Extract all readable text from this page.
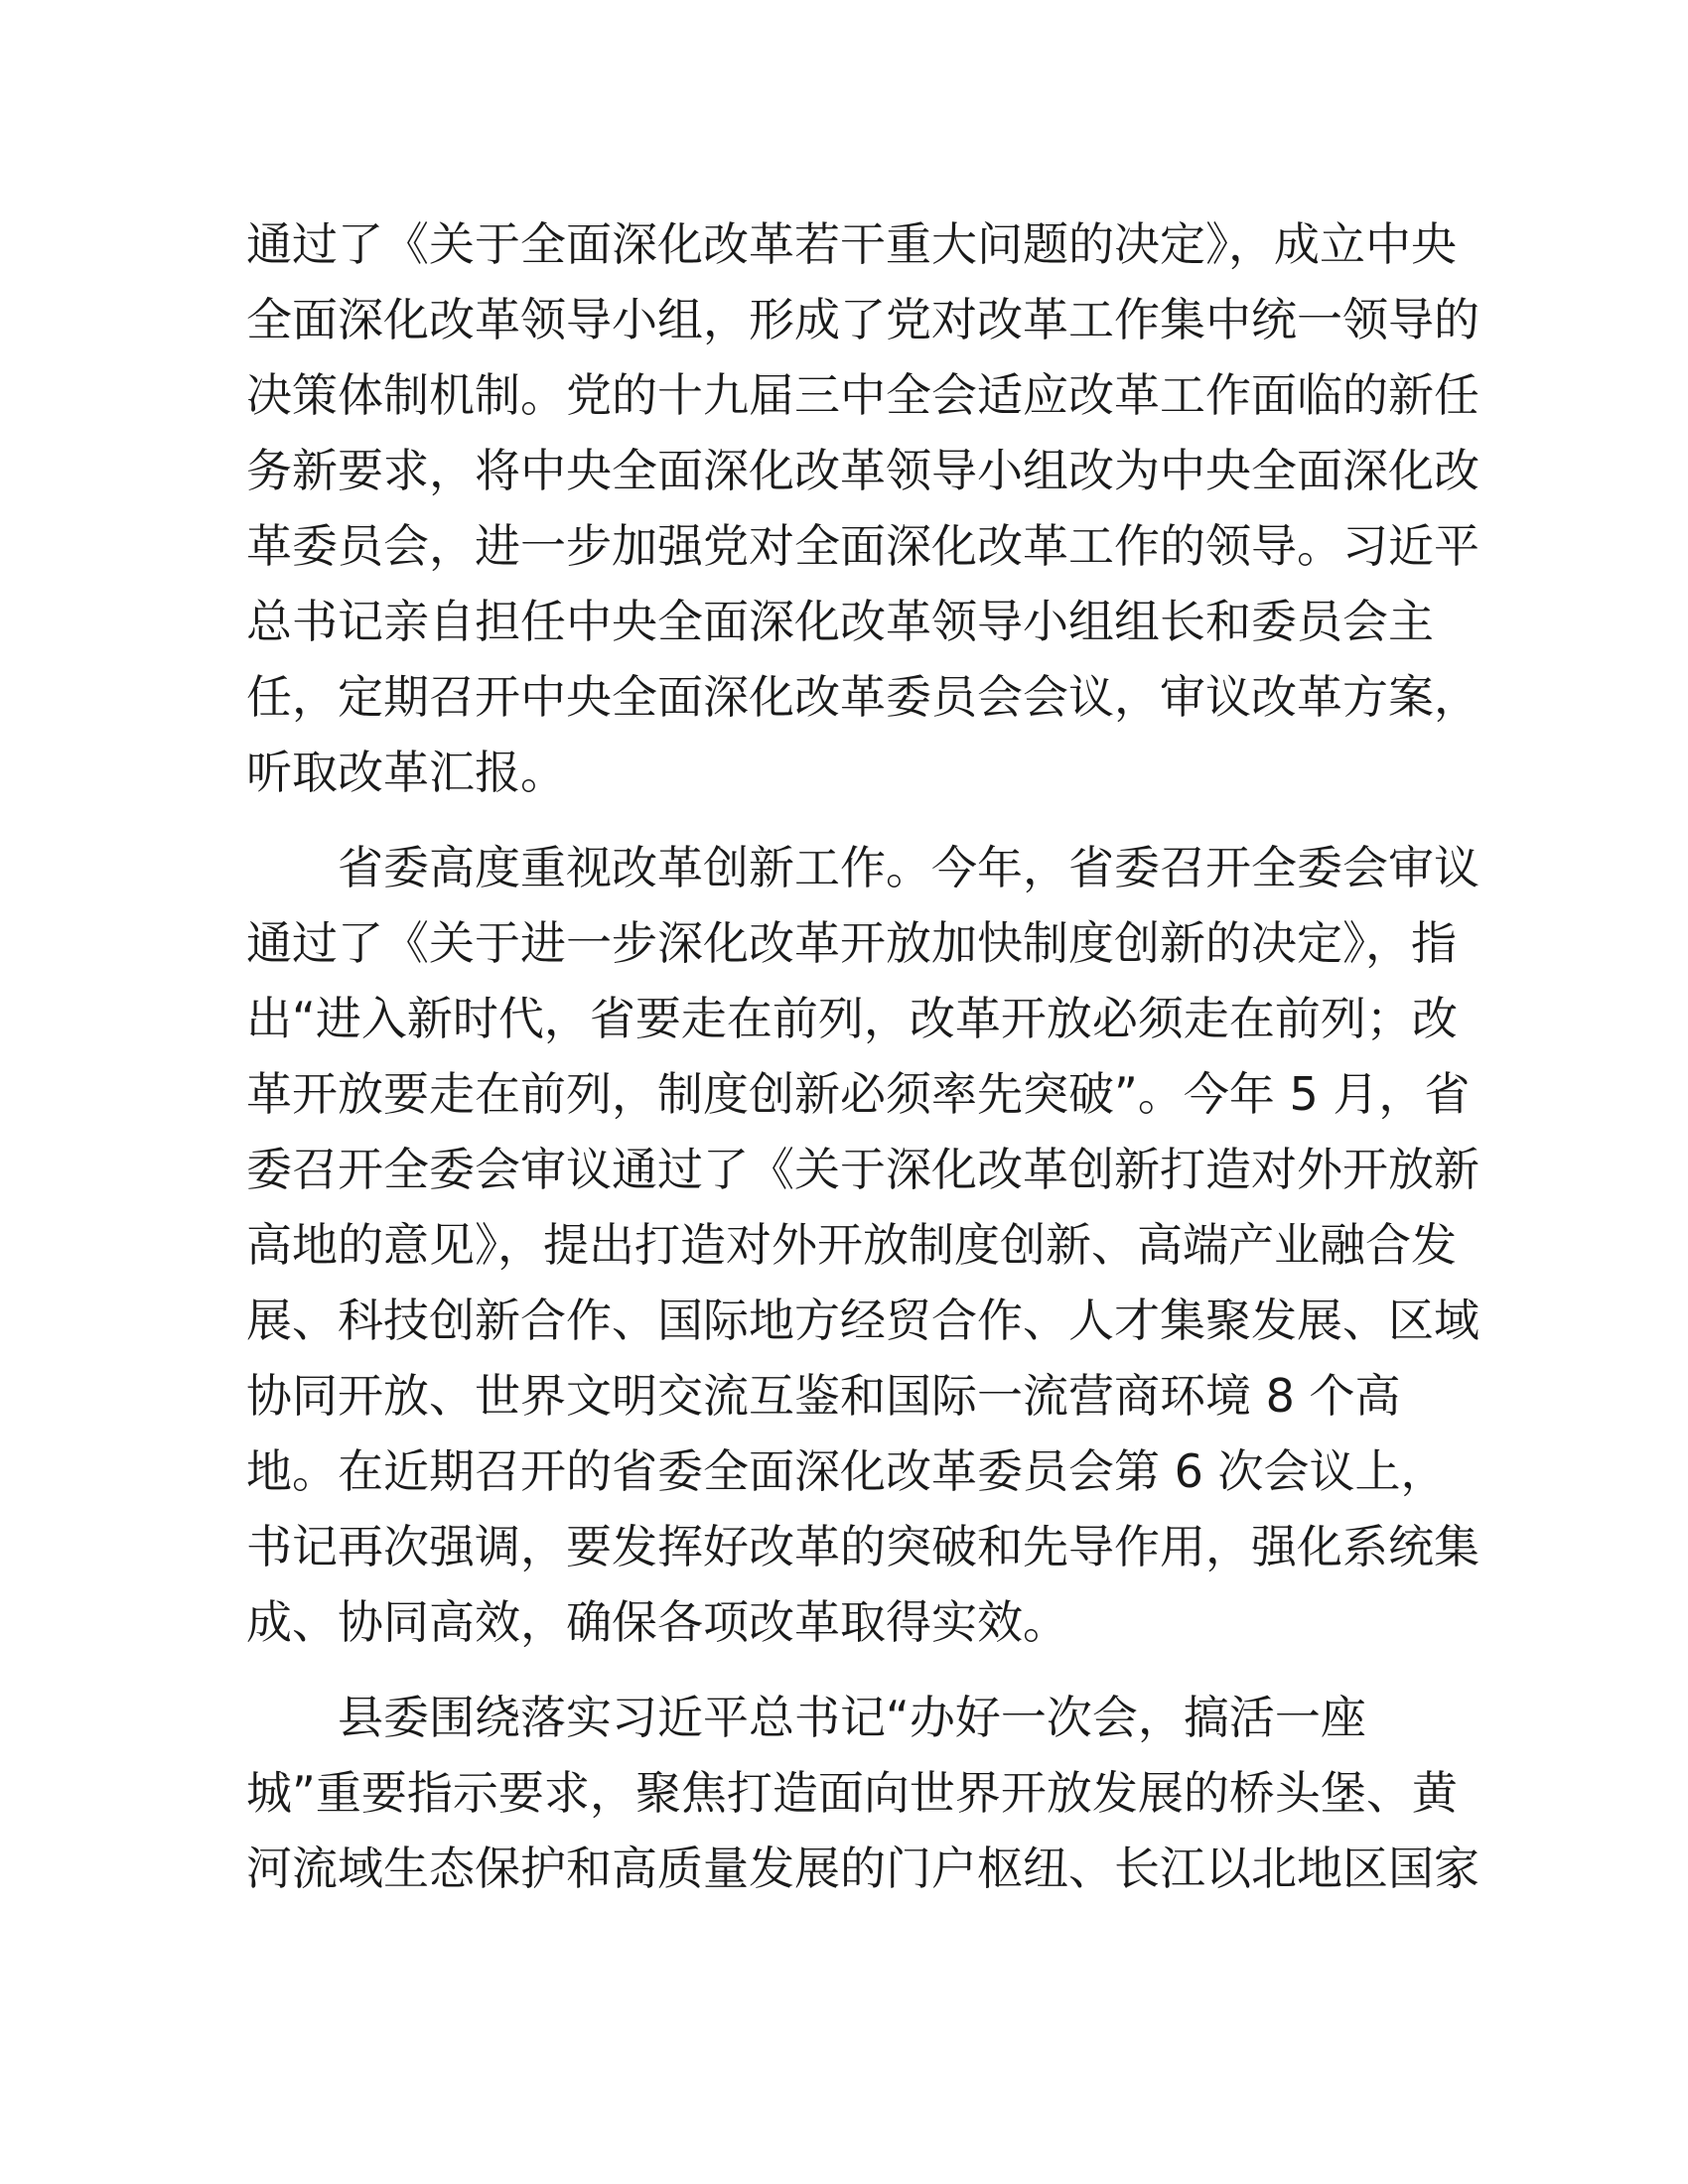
通过了《关于全面深化改革若干重大问题的决定》，成立中央
全面深化改革领导小组，形成了党对改革工作集中统一领导的
决策体制机制。党的十九届三中全会适应改革工作面临的新任
务新要求，将中央全面深化改革领导小组改为中央全面深化改
革委员会，进一步加强党对全面深化改革工作的领导。习近平
总书记亲自担任中央全面深化改革领导小组组长和委员会主
任，定期召开中央全面深化改革委员会会议，审议改革方案，
听取改革汇报。
省委高度重视改革创新工作。今年，省委召开全委会审议
通过了《关于进一步深化改革开放加快制度创新的决定》，指
出“进入新时代，省要走在前列，改革开放必须走在前列；改
革开放要走在前列，制度创新必须率先突破”。今年 5 月，省
委召开全委会审议通过了《关于深化改革创新打造对外开放新
高地的意见》，提出打造对外开放制度创新、高端产业融合发
展、科技创新合作、国际地方经贸合作、人才集聚发展、区域
协同开放、世界文明交流互鉴和国际一流营商环境 8 个高
地。在近期召开的省委全面深化改革委员会第 6 次会议上，
书记再次强调，要发挥好改革的突破和先导作用，强化系统集
成、协同高效，确保各项改革取得实效。
县委围绕落实习近平总书记“办好一次会，搞活一座
城”重要指示要求，聚焦打造面向世界开放发展的桥头堡、黄
河流域生态保护和高质量发展的门户枢纽、长江以北地区国家
